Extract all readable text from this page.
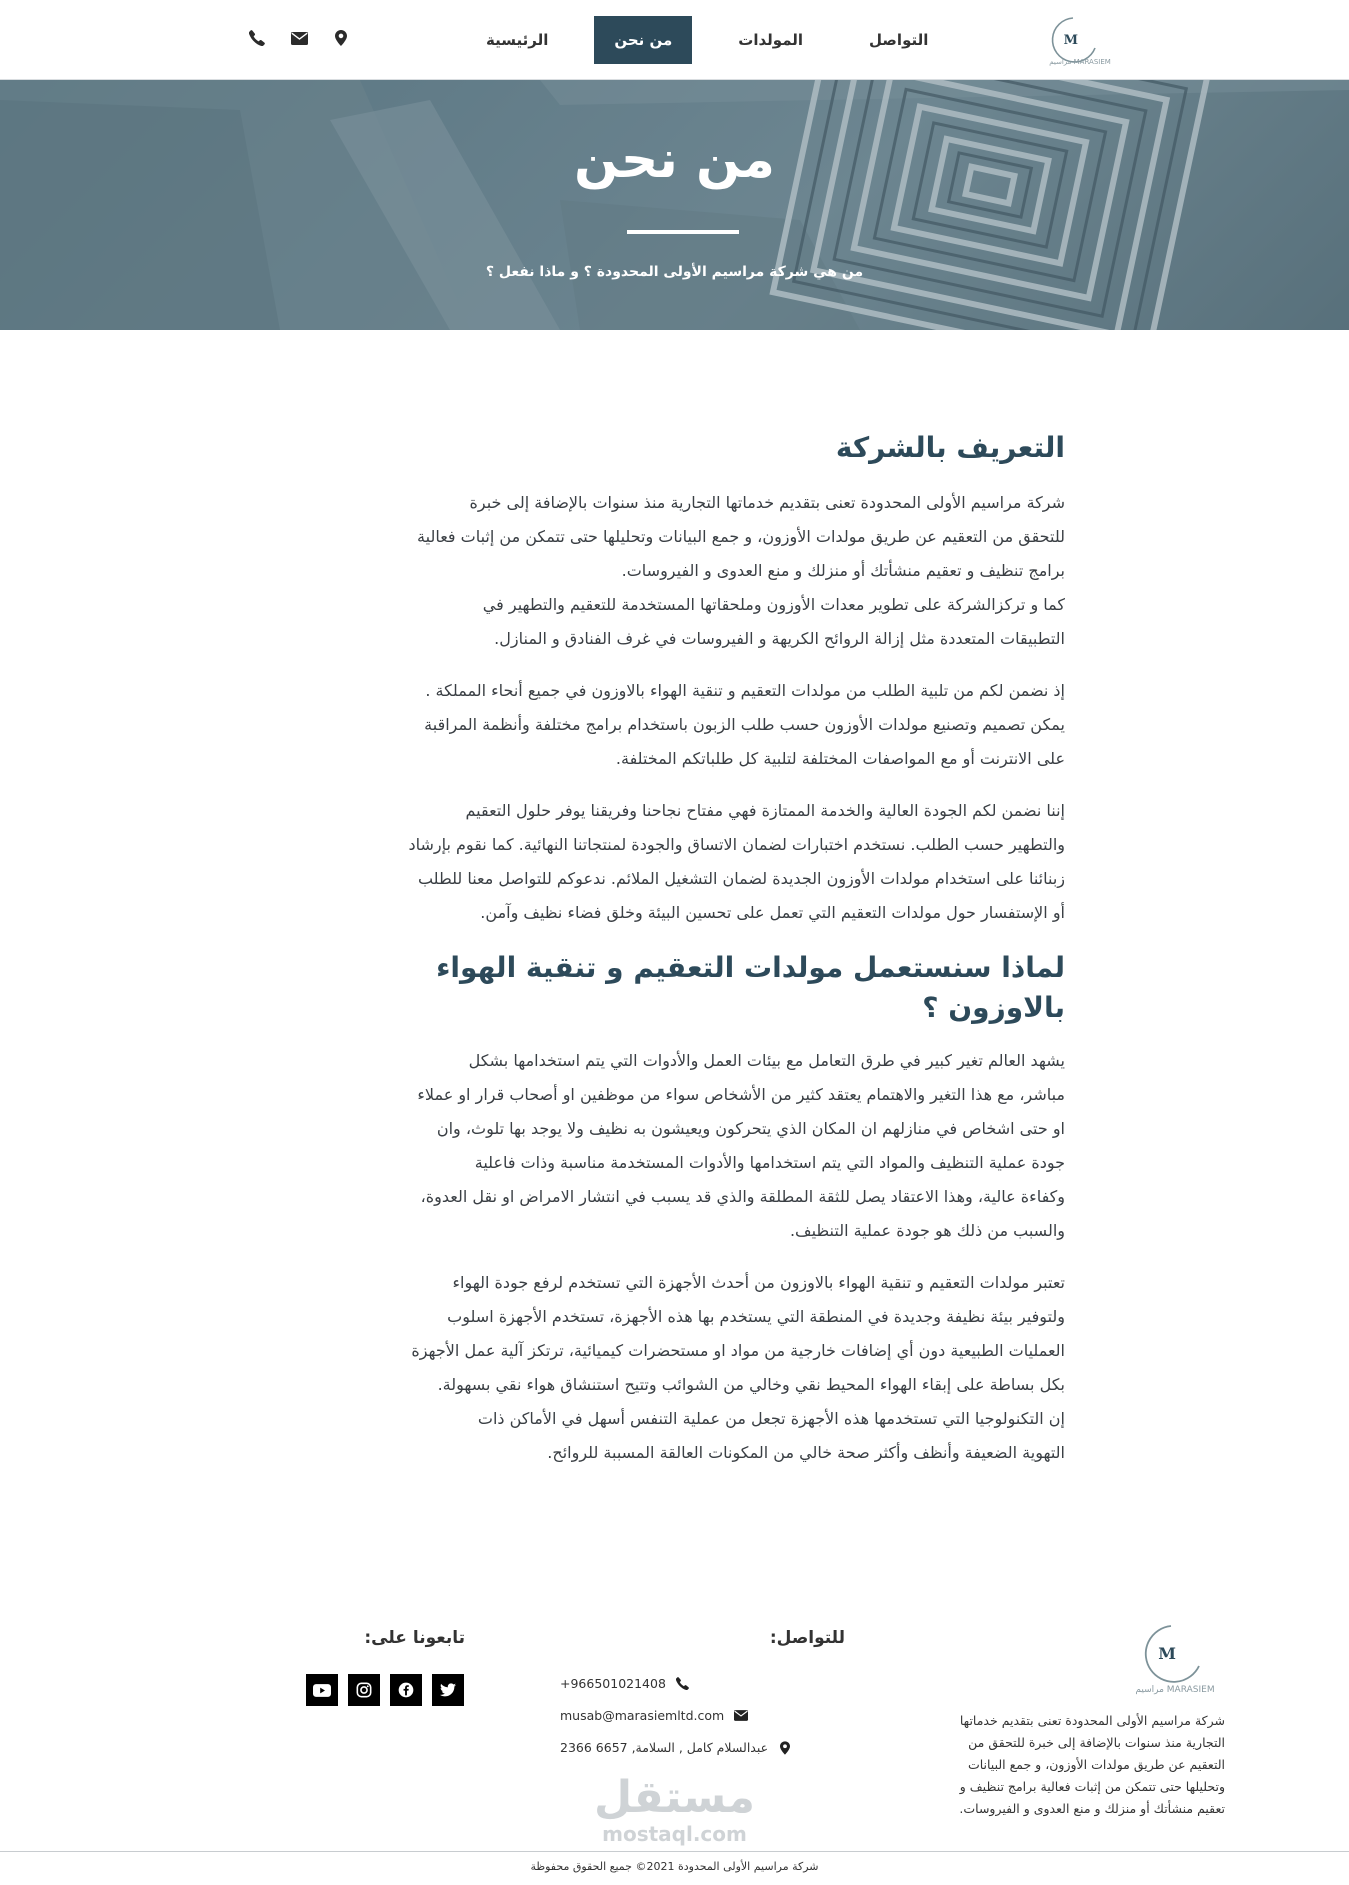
M
MARASIEM مراسيم
الرئيسية	من نحن	المولدات	التواصل
من نحن
من هي شركة مراسيم الأولى المحدودة ؟ و ماذا نفعل ؟
التعريف بالشركة

شركة مراسيم الأولى المحدودة تعنى بتقديم خدماتها التجارية منذ سنوات بالإضافة إلى خبرة
للتحقق من التعقيم عن طريق مولدات الأوزون، و جمع البيانات وتحليلها حتى تتمكن من إثبات فعالية
برامج تنظيف و تعقيم منشأتك أو منزلك و منع العدوى و الفيروسات.
كما و تركزالشركة على تطوير معدات الأوزون وملحقاتها المستخدمة للتعقيم والتطهير في
التطبيقات المتعددة مثل إزالة الروائح الكريهة و الفيروسات في غرف الفنادق و المنازل.

إذ نضمن لكم من تلبية الطلب من مولدات التعقيم و تنقية الهواء بالاوزون في جميع أنحاء المملكة .
يمكن تصميم وتصنيع مولدات الأوزون حسب طلب الزبون باستخدام برامج مختلفة وأنظمة المراقبة
على الانترنت أو مع المواصفات المختلفة لتلبية كل طلباتكم المختلفة.

إننا نضمن لكم الجودة العالية والخدمة الممتازة فهي مفتاح نجاحنا وفريقنا يوفر حلول التعقيم
والتطهير حسب الطلب. نستخدم اختبارات لضمان الاتساق والجودة لمنتجاتنا النهائية. كما نقوم بإرشاد
زبنائنا على استخدام مولدات الأوزون الجديدة لضمان التشغيل الملائم. ندعوكم للتواصل معنا للطلب
أو الإستفسار حول مولدات التعقيم التي تعمل على تحسين البيئة وخلق فضاء نظيف وآمن.

لماذا سنستعمل مولدات التعقيم و تنقية الهواء
بالاوزون ؟

يشهد العالم تغير كبير في طرق التعامل مع بيئات العمل والأدوات التي يتم استخدامها بشكل
مباشر، مع هذا التغير والاهتمام يعتقد كثير من الأشخاص سواء من موظفين او أصحاب قرار او عملاء
او حتى اشخاص في منازلهم ان المكان الذي يتحركون ويعيشون به نظيف ولا يوجد بها تلوث، وان
جودة عملية التنظيف والمواد التي يتم استخدامها والأدوات المستخدمة مناسبة وذات فاعلية
وكفاءة عالية، وهذا الاعتقاد يصل للثقة المطلقة والذي قد يسبب في انتشار الامراض او نقل العدوة،
والسبب من ذلك هو جودة عملية التنظيف.

تعتبر مولدات التعقيم و تنقية الهواء بالاوزون من أحدث الأجهزة التي تستخدم لرفع جودة الهواء
ولتوفير بيئة نظيفة وجديدة في المنطقة التي يستخدم بها هذه الأجهزة، تستخدم الأجهزة اسلوب
العمليات الطبيعية دون أي إضافات خارجية من مواد او مستحضرات كيميائية، ترتكز آلية عمل الأجهزة
بكل بساطة على إبقاء الهواء المحيط نقي وخالي من الشوائب وتتيح استنشاق هواء نقي بسهولة.
إن التكنولوجيا التي تستخدمها هذه الأجهزة تجعل من عملية التنفس أسهل في الأماكن ذات
التهوية الضعيفة وأنظف وأكثر صحة خالي من المكونات العالقة المسببة للروائح.

M
MARASIEM مراسيم
شركة مراسيم الأولى المحدودة تعنى بتقديم خدماتها
التجارية منذ سنوات بالإضافة إلى خبرة للتحقق من
التعقيم عن طريق مولدات الأوزون، و جمع البيانات
وتحليلها حتى تتمكن من إثبات فعالية برامج تنظيف و
تعقيم منشأتك أو منزلك و منع العدوى و الفيروسات.
للتواصل:
+966501021408
musab@marasiemltd.com
عبدالسلام كامل , السلامة, 6657 2366
تابعونا على:
مستقل
mostaql.com
شركة مراسيم الأولى المحدودة 2021© جميع الحقوق محفوظة
